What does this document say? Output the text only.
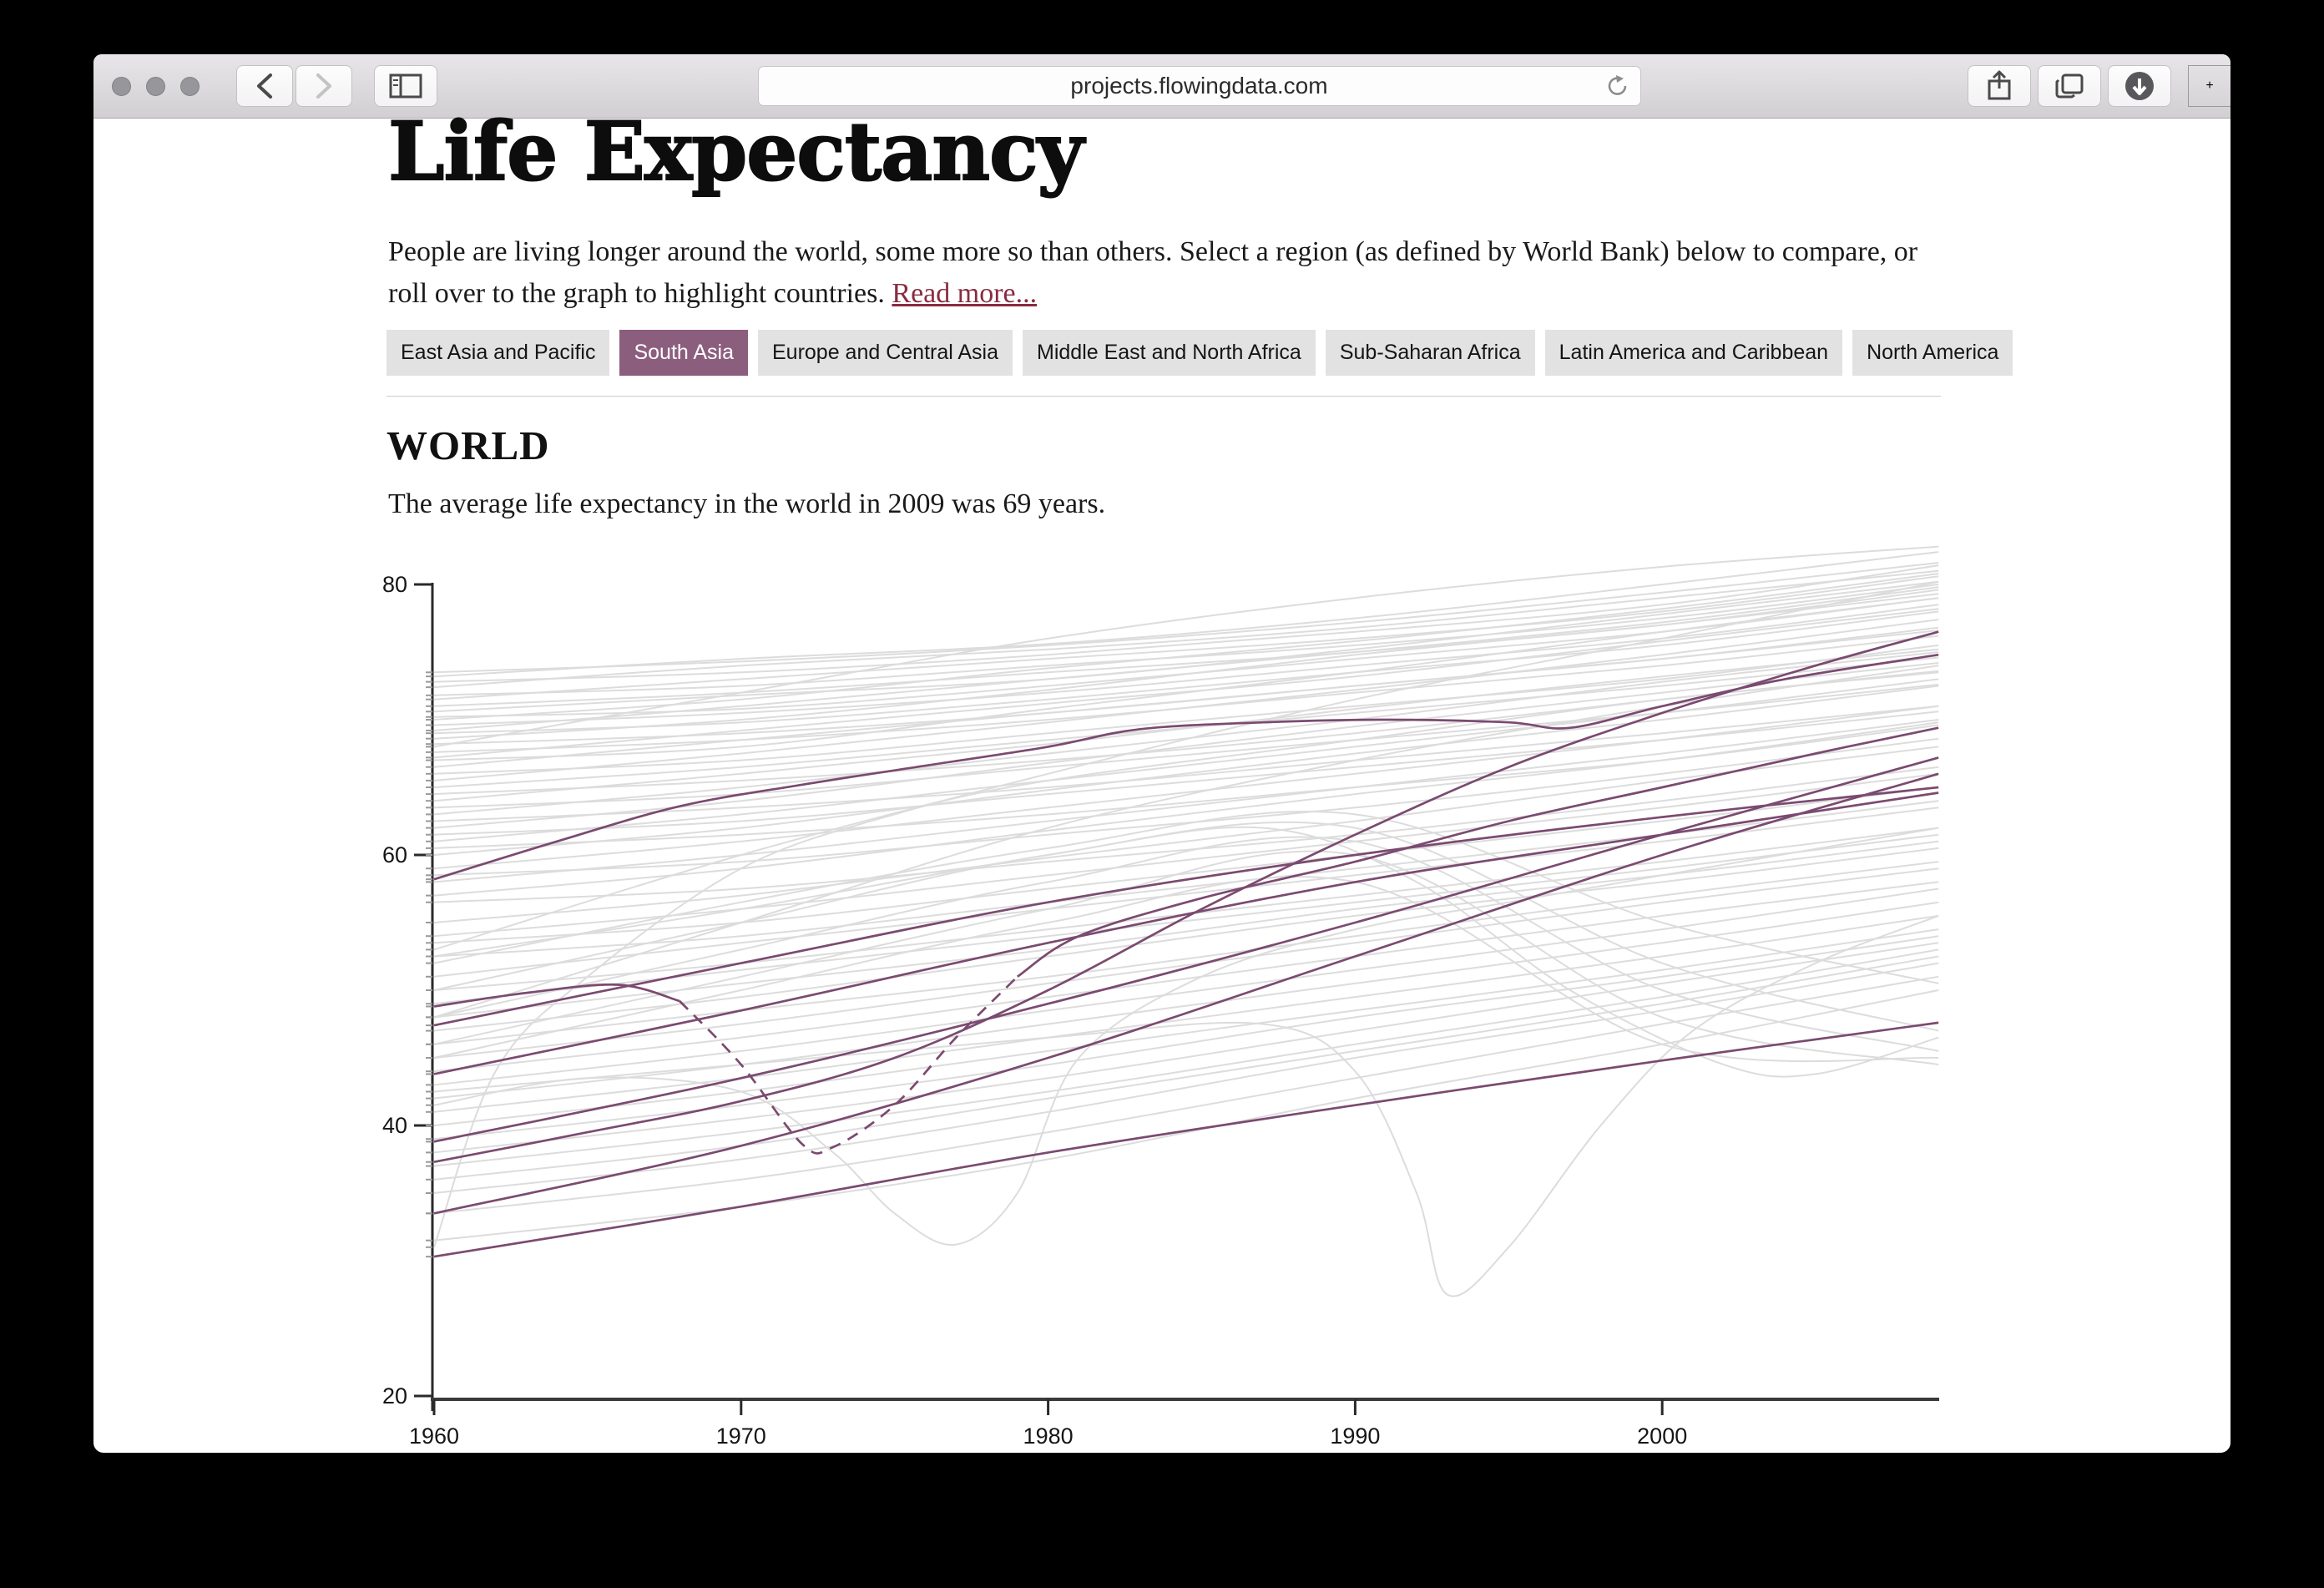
projects.flowingdata.com	+
Life Expectancy
People are living longer around the world, some more so than others. Select a region (as defined by World Bank) below to compare, or roll over to the graph to highlight countries. Read more...
East Asia and Pacific	South Asia	Europe and Central Asia	Middle East and North Africa	Sub-Saharan Africa	Latin America and Caribbean	North America
WORLD
The average life expectancy in the world in 2009 was 69 years.
20
40
60
80
1960	1970	1980	1990	2000
